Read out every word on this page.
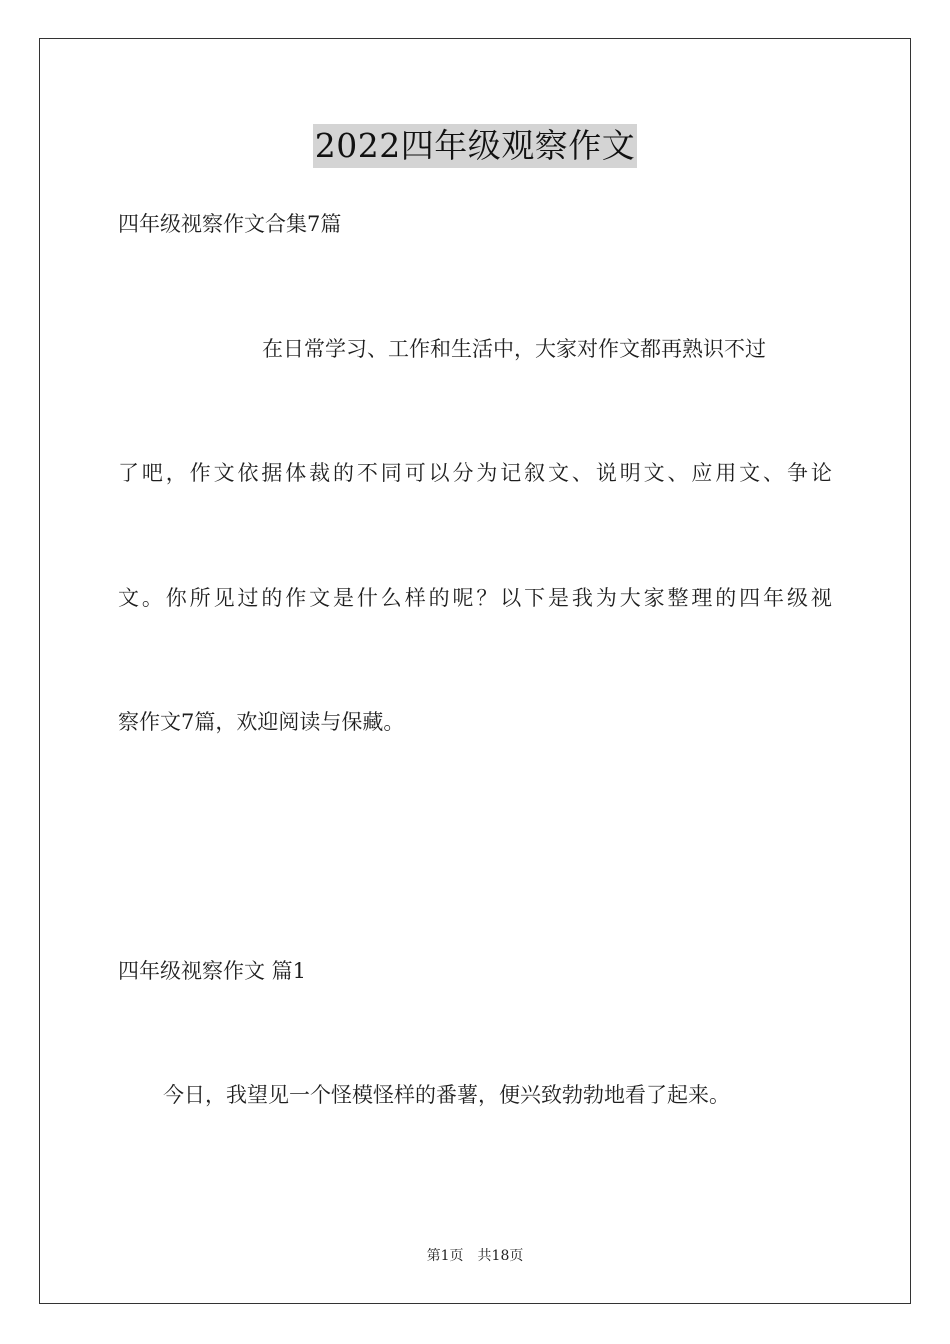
2022四年级观察作文
四年级视察作文合集7篇
在日常学习、工作和生活中，大家对作文都再熟识不过
了 吧 ， 作 文 依 据 体 裁 的 不 同 可 以 分 为 记 叙 文 、 说 明 文 、 应 用 文 、 争 论
文 。 你 所 见 过 的 作 文 是 什 么 样 的 呢 ？ 以 下 是 我 为 大 家 整 理 的 四 年 级 视
察作文7篇，欢迎阅读与保藏。
四年级视察作文 篇1
今日，我望见一个怪模怪样的番薯，便兴致勃勃地看了起来。
第1页 共18页
